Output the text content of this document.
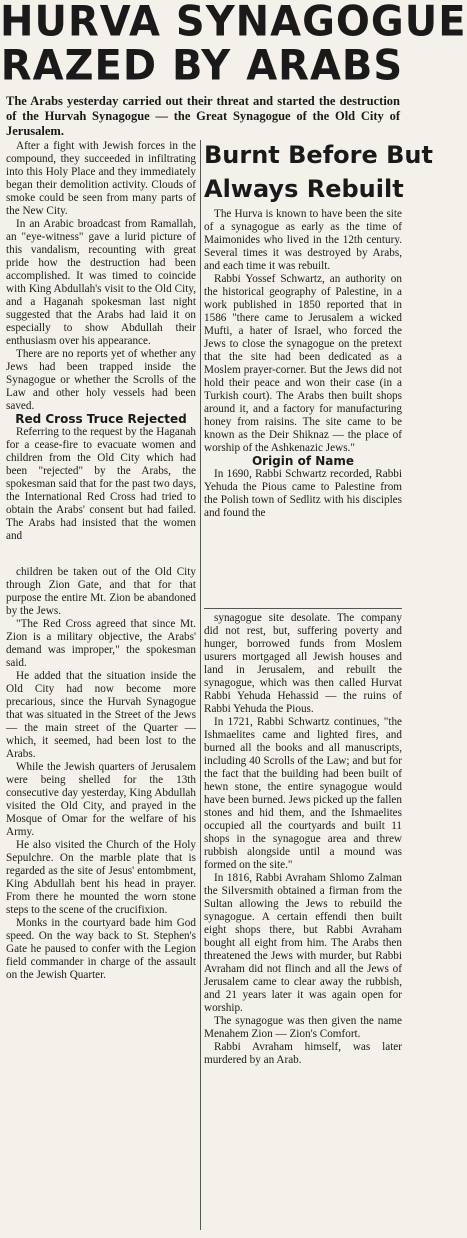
HURVA SYNAGOGUE
RAZED BY ARABS
The Arabs yesterday carried out their threat and started the destruction of the Hurvah Synagogue — the Great Synagogue of the Old City of Jerusalem.

After a fight with Jewish forces in the compound, they succeeded in infiltrating into this Holy Place and they immediately began their demolition activity. Clouds of smoke could be seen from many parts of the New City.

In an Arabic broadcast from Ramallah, an "eye-witness" gave a lurid picture of this vandalism, recounting with great pride how the destruction had been accomplished. It was timed to coincide with King Abdullah's visit to the Old City, and a Haganah spokesman last night suggested that the Arabs had laid it on especially to show Abdullah their enthusiasm over his appearance.

There are no reports yet of whether any Jews had been trapped inside the Synagogue or whether the Scrolls of the Law and other holy vessels had been saved.

Red Cross Truce Rejected

Referring to the request by the Haganah for a cease-fire to evacuate women and children from the Old City which had been "rejected" by the Arabs, the spokesman said that for the past two days, the International Red Cross had tried to obtain the Arabs' consent but had failed. The Arabs had insisted that the women and

Burnt Before But
Always Rebuilt

The Hurva is known to have been the site of a synagogue as early as the time of Maimonides who lived in the 12th century. Several times it was destroyed by Arabs, and each time it was rebuilt.

Rabbi Yossef Schwartz, an authority on the historical geography of Palestine, in a work published in 1850 reported that in 1586 "there came to Jerusalem a wicked Mufti, a hater of Israel, who forced the Jews to close the synagogue on the pretext that the site had been dedicated as a Moslem prayer-corner. But the Jews did not hold their peace and won their case (in a Turkish court). The Arabs then built shops around it, and a factory for manufacturing honey from raisins. The site came to be known as the Deir Shiknaz — the place of worship of the Ashkenazic Jews."

Origin of Name

In 1690, Rabbi Schwartz recorded, Rabbi Yehuda the Pious came to Palestine from the Polish town of Sedlitz with his disciples and found the

children be taken out of the Old City through Zion Gate, and that for that purpose the entire Mt. Zion be abandoned by the Jews.

"The Red Cross agreed that since Mt. Zion is a military objective, the Arabs' demand was improper," the spokesman said.

He added that the situation inside the Old City had now become more precarious, since the Hurvah Synagogue that was situated in the Street of the Jews — the main street of the Quarter — which, it seemed, had been lost to the Arabs.

While the Jewish quarters of Jerusalem were being shelled for the 13th consecutive day yesterday, King Abdullah visited the Old City, and prayed in the Mosque of Omar for the welfare of his Army.

He also visited the Church of the Holy Sepulchre. On the marble plate that is regarded as the site of Jesus' entombment, King Abdullah bent his head in prayer. From there he mounted the worn stone steps to the scene of the crucifixion.

Monks in the courtyard bade him God speed. On the way back to St. Stephen's Gate he paused to confer with the Legion field commander in charge of the assault on the Jewish Quarter.

synagogue site desolate. The company did not rest, but, suffering poverty and hunger, borrowed funds from Moslem usurers mortgaged all Jewish houses and land in Jerusalem, and rebuilt the synagogue, which was then called Hurvat Rabbi Yehuda Hehassid — the ruins of Rabbi Yehuda the Pious.

In 1721, Rabbi Schwartz continues, "the Ishmaelites came and lighted fires, and burned all the books and all manuscripts, including 40 Scrolls of the Law; and but for the fact that the building had been built of hewn stone, the entire synagogue would have been burned. Jews picked up the fallen stones and hid them, and the Ishmaelites occupied all the courtyards and built 11 shops in the synagogue area and threw rubbish alongside until a mound was formed on the site."

In 1816, Rabbi Avraham Shlomo Zalman the Silversmith obtained a firman from the Sultan allowing the Jews to rebuild the synagogue. A certain effendi then built eight shops there, but Rabbi Avraham bought all eight from him. The Arabs then threatened the Jews with murder, but Rabbi Avraham did not flinch and all the Jews of Jerusalem came to clear away the rubbish, and 21 years later it was again open for worship.

The synagogue was then given the name Menahem Zion — Zion's Comfort.

Rabbi Avraham himself, was later murdered by an Arab.
